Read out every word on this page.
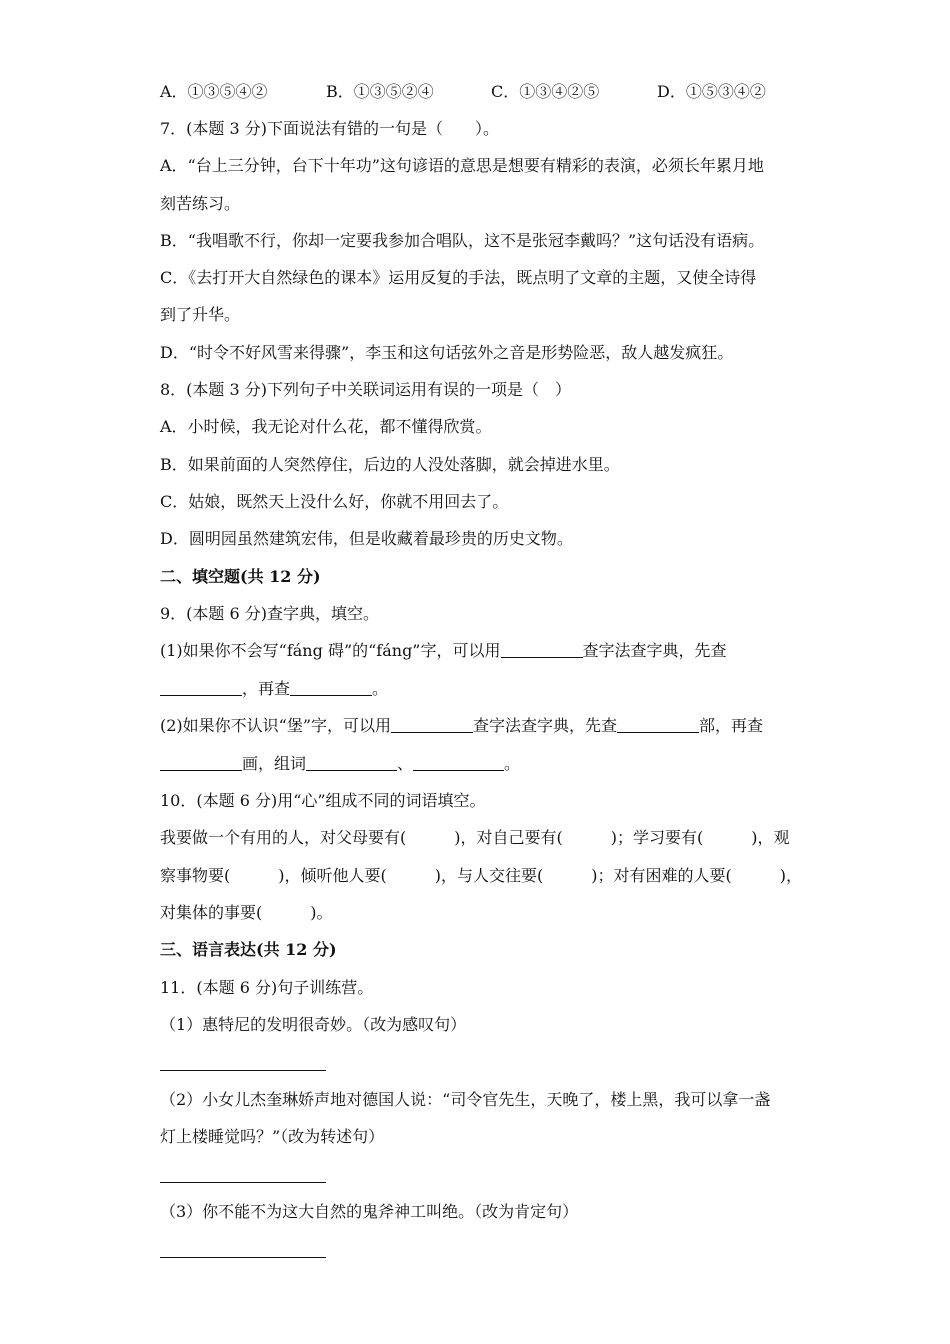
A．①③⑤④②	B．①③⑤②④	C．①③④②⑤	D．①⑤③④②
7．(本题 3 分)下面说法有错的一句是（　　）。
A．“台上三分钟，台下十年功”这句谚语的意思是想要有精彩的表演，必须长年累月地
刻苦练习。
B．“我唱歌不行，你却一定要我参加合唱队，这不是张冠李戴吗？”这句话没有语病。
C．《去打开大自然绿色的课本》运用反复的手法，既点明了文章的主题，又使全诗得
到了升华。
D．“时令不好风雪来得骤”，李玉和这句话弦外之音是形势险恶，敌人越发疯狂。
8．(本题 3 分)下列句子中关联词运用有误的一项是（　）
A．小时候，我无论对什么花，都不懂得欣赏。
B．如果前面的人突然停住，后边的人没处落脚，就会掉进水里。
C．姑娘，既然天上没什么好，你就不用回去了。
D．圆明园虽然建筑宏伟，但是收藏着最珍贵的历史文物。
二、填空题(共 12 分)
9．(本题 6 分)查字典，填空。
(1)如果你不会写“fáng 碍”的“fáng”字，可以用	查字法查字典，先查
，再查	。
(2)如果你不认识“堡”字，可以用	查字法查字典，先查	部，再查
画，组词	、	。
10．(本题 6 分)用“心”组成不同的词语填空。
我要做一个有用的人，对父母要有(　　　)，对自己要有(　　　)；学习要有(　　　)，观
察事物要(　　　)，倾听他人要(　　　)，与人交往要(　　　)；对有困难的人要(　　　)，
对集体的事要(　　　)。
三、语言表达(共 12 分)
11．(本题 6 分)句子训练营。
（1）惠特尼的发明很奇妙。（改为感叹句）
（2）小女儿杰奎琳娇声地对德国人说：“司令官先生，天晚了，楼上黑，我可以拿一盏
灯上楼睡觉吗？”（改为转述句）
（3）你不能不为这大自然的鬼斧神工叫绝。（改为肯定句）
